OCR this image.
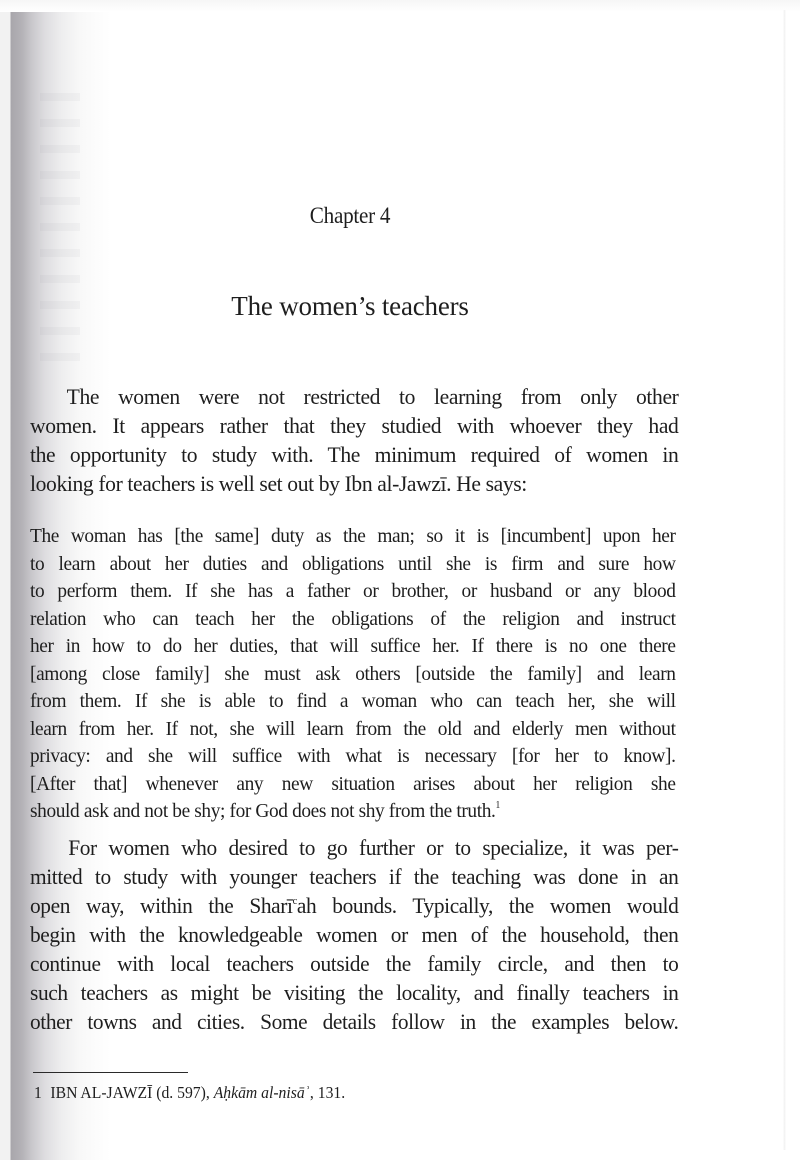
Chapter 4
The women’s teachers
The women were not restricted to learning from only other
women. It appears rather that they studied with whoever they had
the opportunity to study with. The minimum required of women in
looking for teachers is well set out by Ibn al-Jawzī. He says:
The woman has [the same] duty as the man; so it is [incumbent] upon her
to learn about her duties and obligations until she is firm and sure how
to perform them. If she has a father or brother, or husband or any blood
relation who can teach her the obligations of the religion and instruct
her in how to do her duties, that will suffice her. If there is no one there
[among close family] she must ask others [outside the family] and learn
from them. If she is able to find a woman who can teach her, she will
learn from her. If not, she will learn from the old and elderly men without
privacy: and she will suffice with what is necessary [for her to know].
[After that] whenever any new situation arises about her religion she
should ask and not be shy; for God does not shy from the truth.$^1$
For women who desired to go further or to specialize, it was per-
mitted to study with younger teachers if the teaching was done in an
open way, within the Sharī$^c$ah bounds. Typically, the women would
begin with the knowledgeable women or men of the household, then
continue with local teachers outside the family circle, and then to
such teachers as might be visiting the locality, and finally teachers in
other towns and cities. Some details follow in the examples below.
1 IBN AL-JAWZĪ (d. 597), Aḥkām al-nisāʾ, 131.
